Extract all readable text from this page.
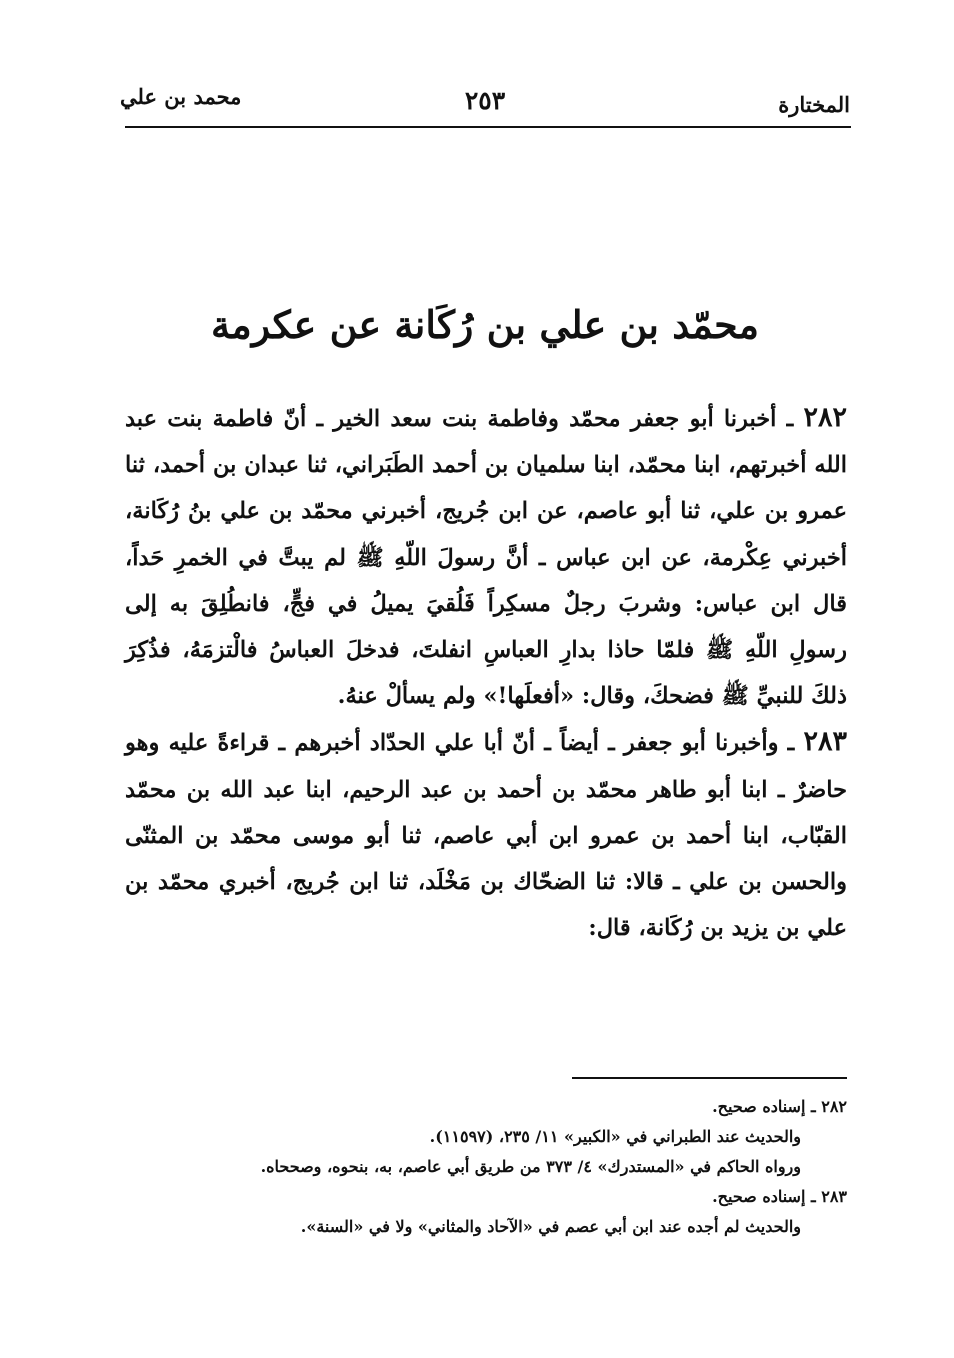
المختارة
٢٥٣
محمد بن علي
محمّد بن علي بن رُكَانة عن عكرمة

٢٨٢ ـ أخبرنا أبو جعفر محمّد وفاطمة بنت سعد الخير ـ أنّ فاطمة بنت عبد الله أخبرتهم، ابنا محمّد، ابنا سلميان بن أحمد الطَبَراني، ثنا عبدان بن أحمد، ثنا عمرو بن علي، ثنا أبو عاصم، عن ابن جُريج، أخبرني محمّد بن علي بنُ رُكَانة، أخبرني عِكْرمة، عن ابن عباس ـ أنَّ رسولَ اللّهِ ﷺ لم يبتَّ في الخمرِ حَداً، قال ابن عباس: وشربَ رجلٌ مسكِراً فَلُقيَ يميلُ في فجٍّ، فانطُلِقَ به إلى رسولِ اللّهِ ﷺ فلمّا حاذا بدارِ العباسِ انفلتَ، فدخلَ العباسُ فالْتزمَهُ، فذُكِرَ ذلكَ للنبيِّ ﷺ فضحكَ، وقال: «أفعلَها!» ولم يسألْ عنهُ.

٢٨٣ ـ وأخبرنا أبو جعفر ـ أيضاً ـ أنّ أبا علي الحدّاد أخبرهم ـ قراءةً عليه وهو حاضرٌ ـ ابنا أبو طاهر محمّد بن أحمد بن عبد الرحيم، ابنا عبد الله بن محمّد القبّاب، ابنا أحمد بن عمرو ابن أبي عاصم، ثنا أبو موسى محمّد بن المثنّى والحسن بن علي ـ قالا: ثنا الضحّاك بن مَخْلَد، ثنا ابن جُريج، أخبري محمّد بن علي بن يزيد بن رُكَانة، قال:

٢٨٢ ـ إسناده صحيح.

والحديث عند الطبراني في «الكبير» ١١/ ٢٣٥، (١١٥٩٧).

ورواه الحاكم في «المستدرك» ٤/ ٣٧٣ من طريق أبي عاصم، به، بنحوه، وصححاه.

٢٨٣ ـ إسناده صحيح.

والحديث لم أجده عند ابن أبي عصم في «الآحاد والمثاني» ولا في «السنة».
